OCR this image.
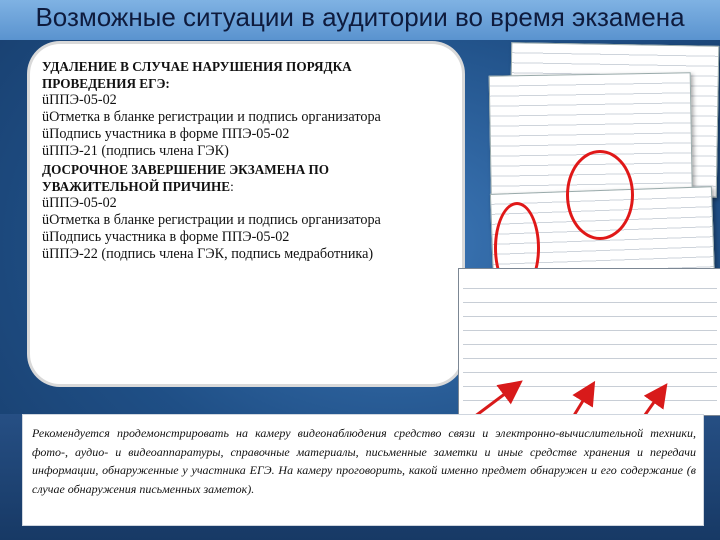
Возможные ситуации в аудитории во время экзамена
УДАЛЕНИЕ В СЛУЧАЕ НАРУШЕНИЯ ПОРЯДКА ПРОВЕДЕНИЯ ЕГЭ:
üППЭ-05-02
üОтметка в бланке регистрации и подпись организатора
üПодпись участника в форме ППЭ-05-02
üППЭ-21 (подпись члена ГЭК)
ДОСРОЧНОЕ ЗАВЕРШЕНИЕ ЭКЗАМЕНА ПО УВАЖИТЕЛЬНОЙ ПРИЧИНЕ:
üППЭ-05-02
üОтметка в бланке регистрации и подпись организатора
üПодпись участника в форме ППЭ-05-02
üППЭ-22 (подпись члена ГЭК, подпись медработника)
Рекомендуется продемонстрировать на камеру видеонаблюдения средство связи и электронно-вычислительной техники, фото-, аудио- и видеоаппаратуры, справочные материалы, письменные заметки и иные средстве хранения и передачи информации, обнаруженные у участника ЕГЭ. На камеру проговорить, какой именно предмет обнаружен и его содержание (в случае обнаружения письменных заметок).
